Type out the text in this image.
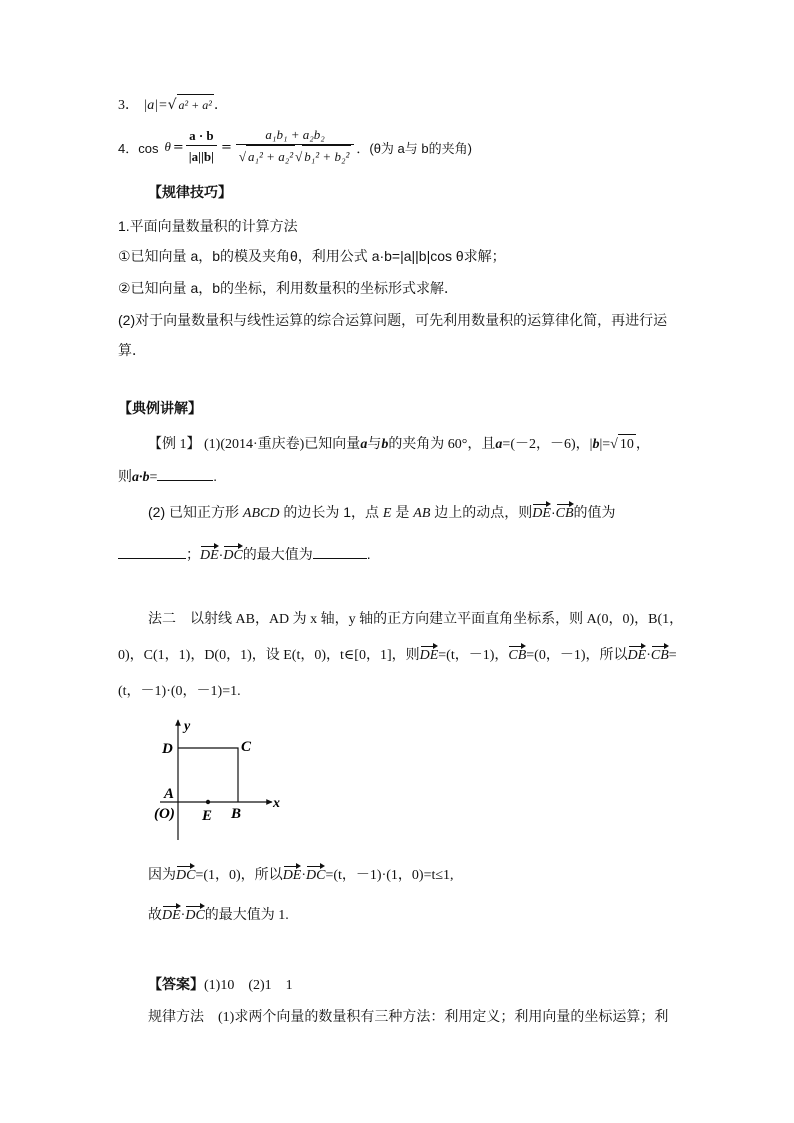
3． |a|=√ a² + a² .
4．$\cos \theta = \frac{a \cdot b}{|a||b|} = \frac{\text{a₁b₁ + a₂b₂}}{\text{√ a₁² + a₂² √ b₁² + b₂²}}$ ．(θ为 a与 b的夹角)
【规律技巧】
1.平面向量数量积的计算方法
①已知向量 a，b的模及夹角θ，利用公式 a·b=|a||b|cos θ求解；
②已知向量 a，b的坐标，利用数量积的坐标形式求解．
(2)对于向量数量积与线性运算的综合运算问题，可先利用数量积的运算律化简，再进行运
算．
【典例讲解】
【例 1】 (1)(2014·重庆卷)已知向量a与b的夹角为 60°，且a=(－2，－6)，|b|=√ 10 ，
则a·b=	.
(2) 已知正方形 ABCD 的边长为 1，点 E 是 AB 边上的动点，则DE·CB的值为
；DE·DC的最大值为	.
法二　以射线 AB，AD 为 x 轴，y 轴的正方向建立平面直角坐标系，则 A(0，0)，B(1，
0)，C(1，1)，D(0，1)，设 E(t，0)，t∈[0，1]，则DE=(t，－1)，CB=(0，－1)，所以DE·CB=
(t，－1)·(0，－1)=1.
y
x
D	C
A
(O) E B
因为DC=(1，0)，所以DE·DC=(t，－1)·(1，0)=t≤1,
故DE·DC的最大值为 1.
【答案】(1)10　(2)1　1
规律方法　(1)求两个向量的数量积有三种方法：利用定义；利用向量的坐标运算；利
